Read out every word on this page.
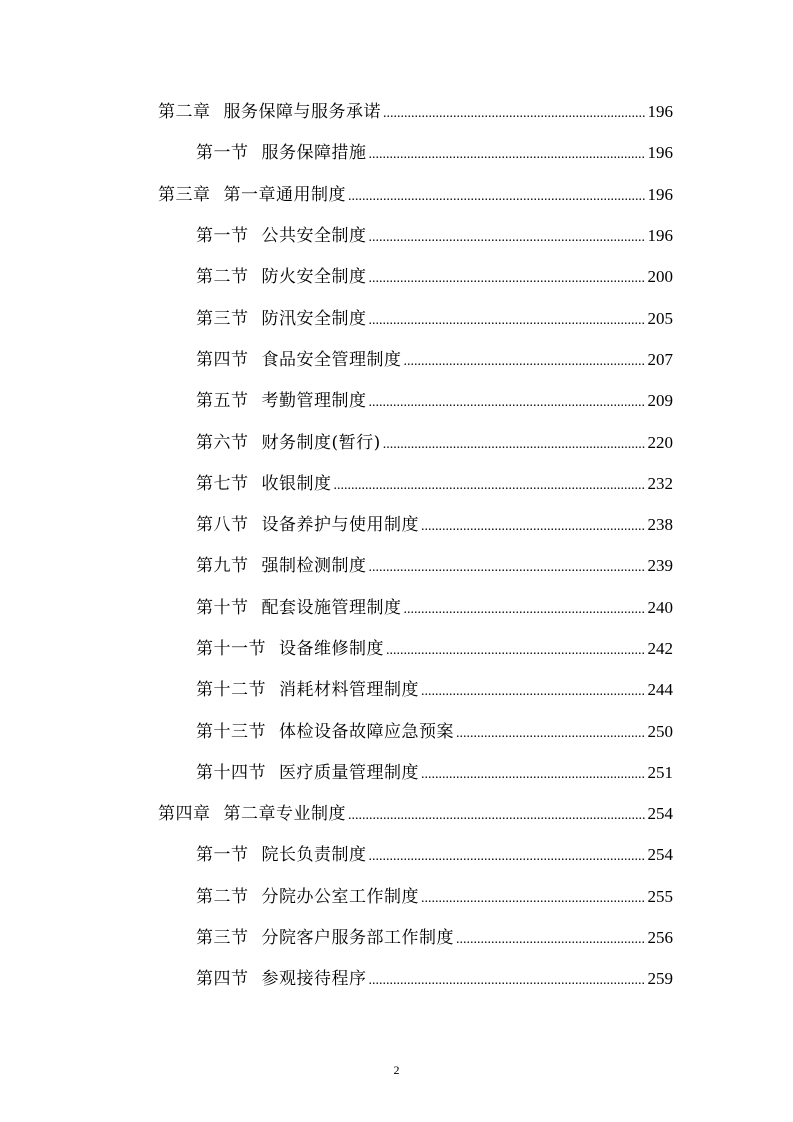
第二章 服务保障与服务承诺 .....	196
第一节 服务保障措施 .....	196
第三章 第一章通用制度 .....	196
第一节 公共安全制度 .....	196
第二节 防火安全制度 .....	200
第三节 防汛安全制度 .....	205
第四节 食品安全管理制度 .....	207
第五节 考勤管理制度 .....	209
第六节 财务制度(暂行) .....	220
第七节 收银制度 .....	232
第八节 设备养护与使用制度 .....	238
第九节 强制检测制度 .....	239
第十节 配套设施管理制度 .....	240
第十一节 设备维修制度 .....	242
第十二节 消耗材料管理制度 .....	244
第十三节 体检设备故障应急预案 .....	250
第十四节 医疗质量管理制度 .....	251
第四章 第二章专业制度 .....	254
第一节 院长负责制度 .....	254
第二节 分院办公室工作制度 .....	255
第三节 分院客户服务部工作制度 .....	256
第四节 参观接待程序 .....	259
2
